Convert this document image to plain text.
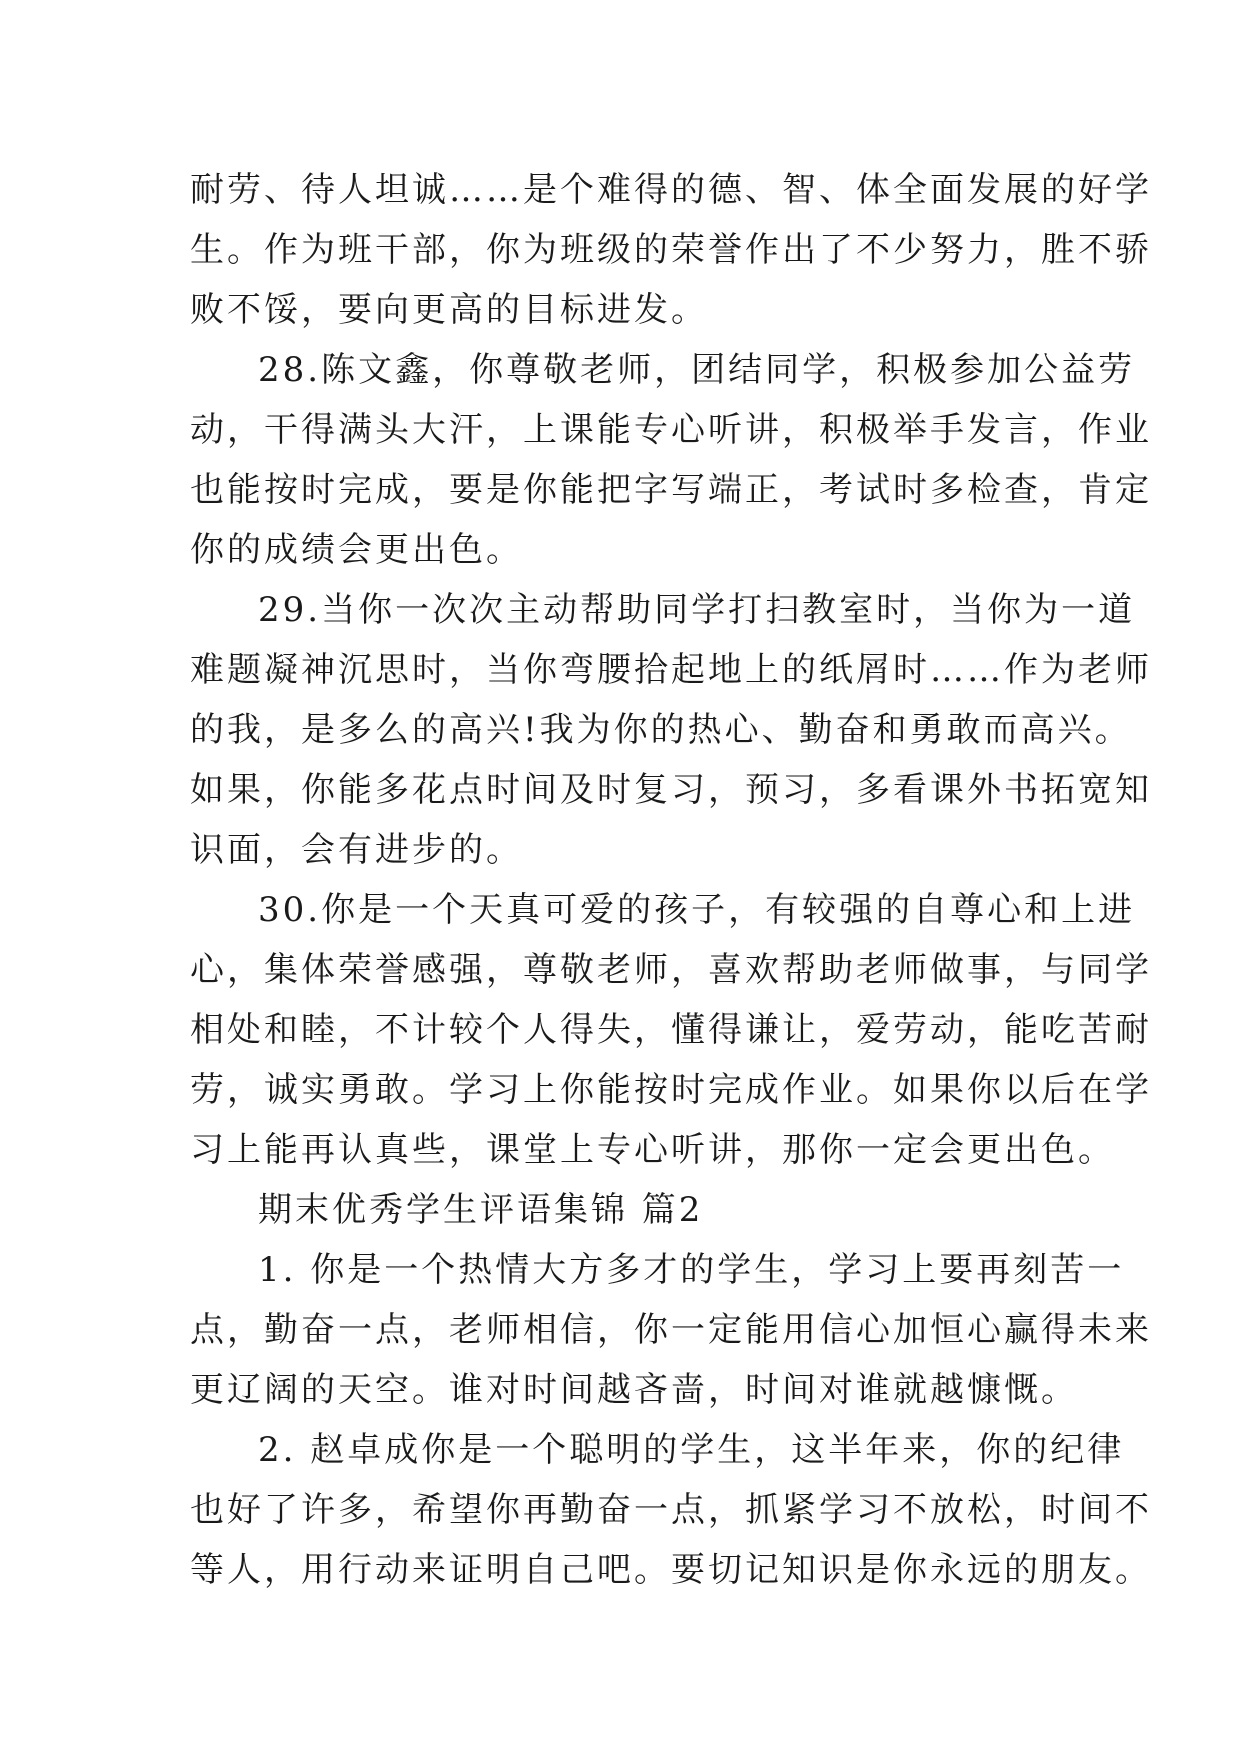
耐劳、待人坦诚……是个难得的德、智、体全面发展的好学
生。作为班干部，你为班级的荣誉作出了不少努力，胜不骄
败不馁，要向更高的目标进发。

28.陈文鑫，你尊敬老师，团结同学，积极参加公益劳
动，干得满头大汗，上课能专心听讲，积极举手发言，作业
也能按时完成，要是你能把字写端正，考试时多检查，肯定
你的成绩会更出色。

29.当你一次次主动帮助同学打扫教室时，当你为一道
难题凝神沉思时，当你弯腰拾起地上的纸屑时……作为老师
的我，是多么的高兴!我为你的热心、勤奋和勇敢而高兴。
如果，你能多花点时间及时复习，预习，多看课外书拓宽知
识面，会有进步的。

30.你是一个天真可爱的孩子，有较强的自尊心和上进
心，集体荣誉感强，尊敬老师，喜欢帮助老师做事，与同学
相处和睦，不计较个人得失，懂得谦让，爱劳动，能吃苦耐
劳，诚实勇敢。学习上你能按时完成作业。如果你以后在学
习上能再认真些，课堂上专心听讲，那你一定会更出色。

期末优秀学生评语集锦 篇2

1. 你是一个热情大方多才的学生，学习上要再刻苦一
点，勤奋一点，老师相信，你一定能用信心加恒心赢得未来
更辽阔的天空。谁对时间越吝啬，时间对谁就越慷慨。

2. 赵卓成你是一个聪明的学生，这半年来，你的纪律
也好了许多，希望你再勤奋一点，抓紧学习不放松，时间不
等人，用行动来证明自己吧。要切记知识是你永远的朋友。
